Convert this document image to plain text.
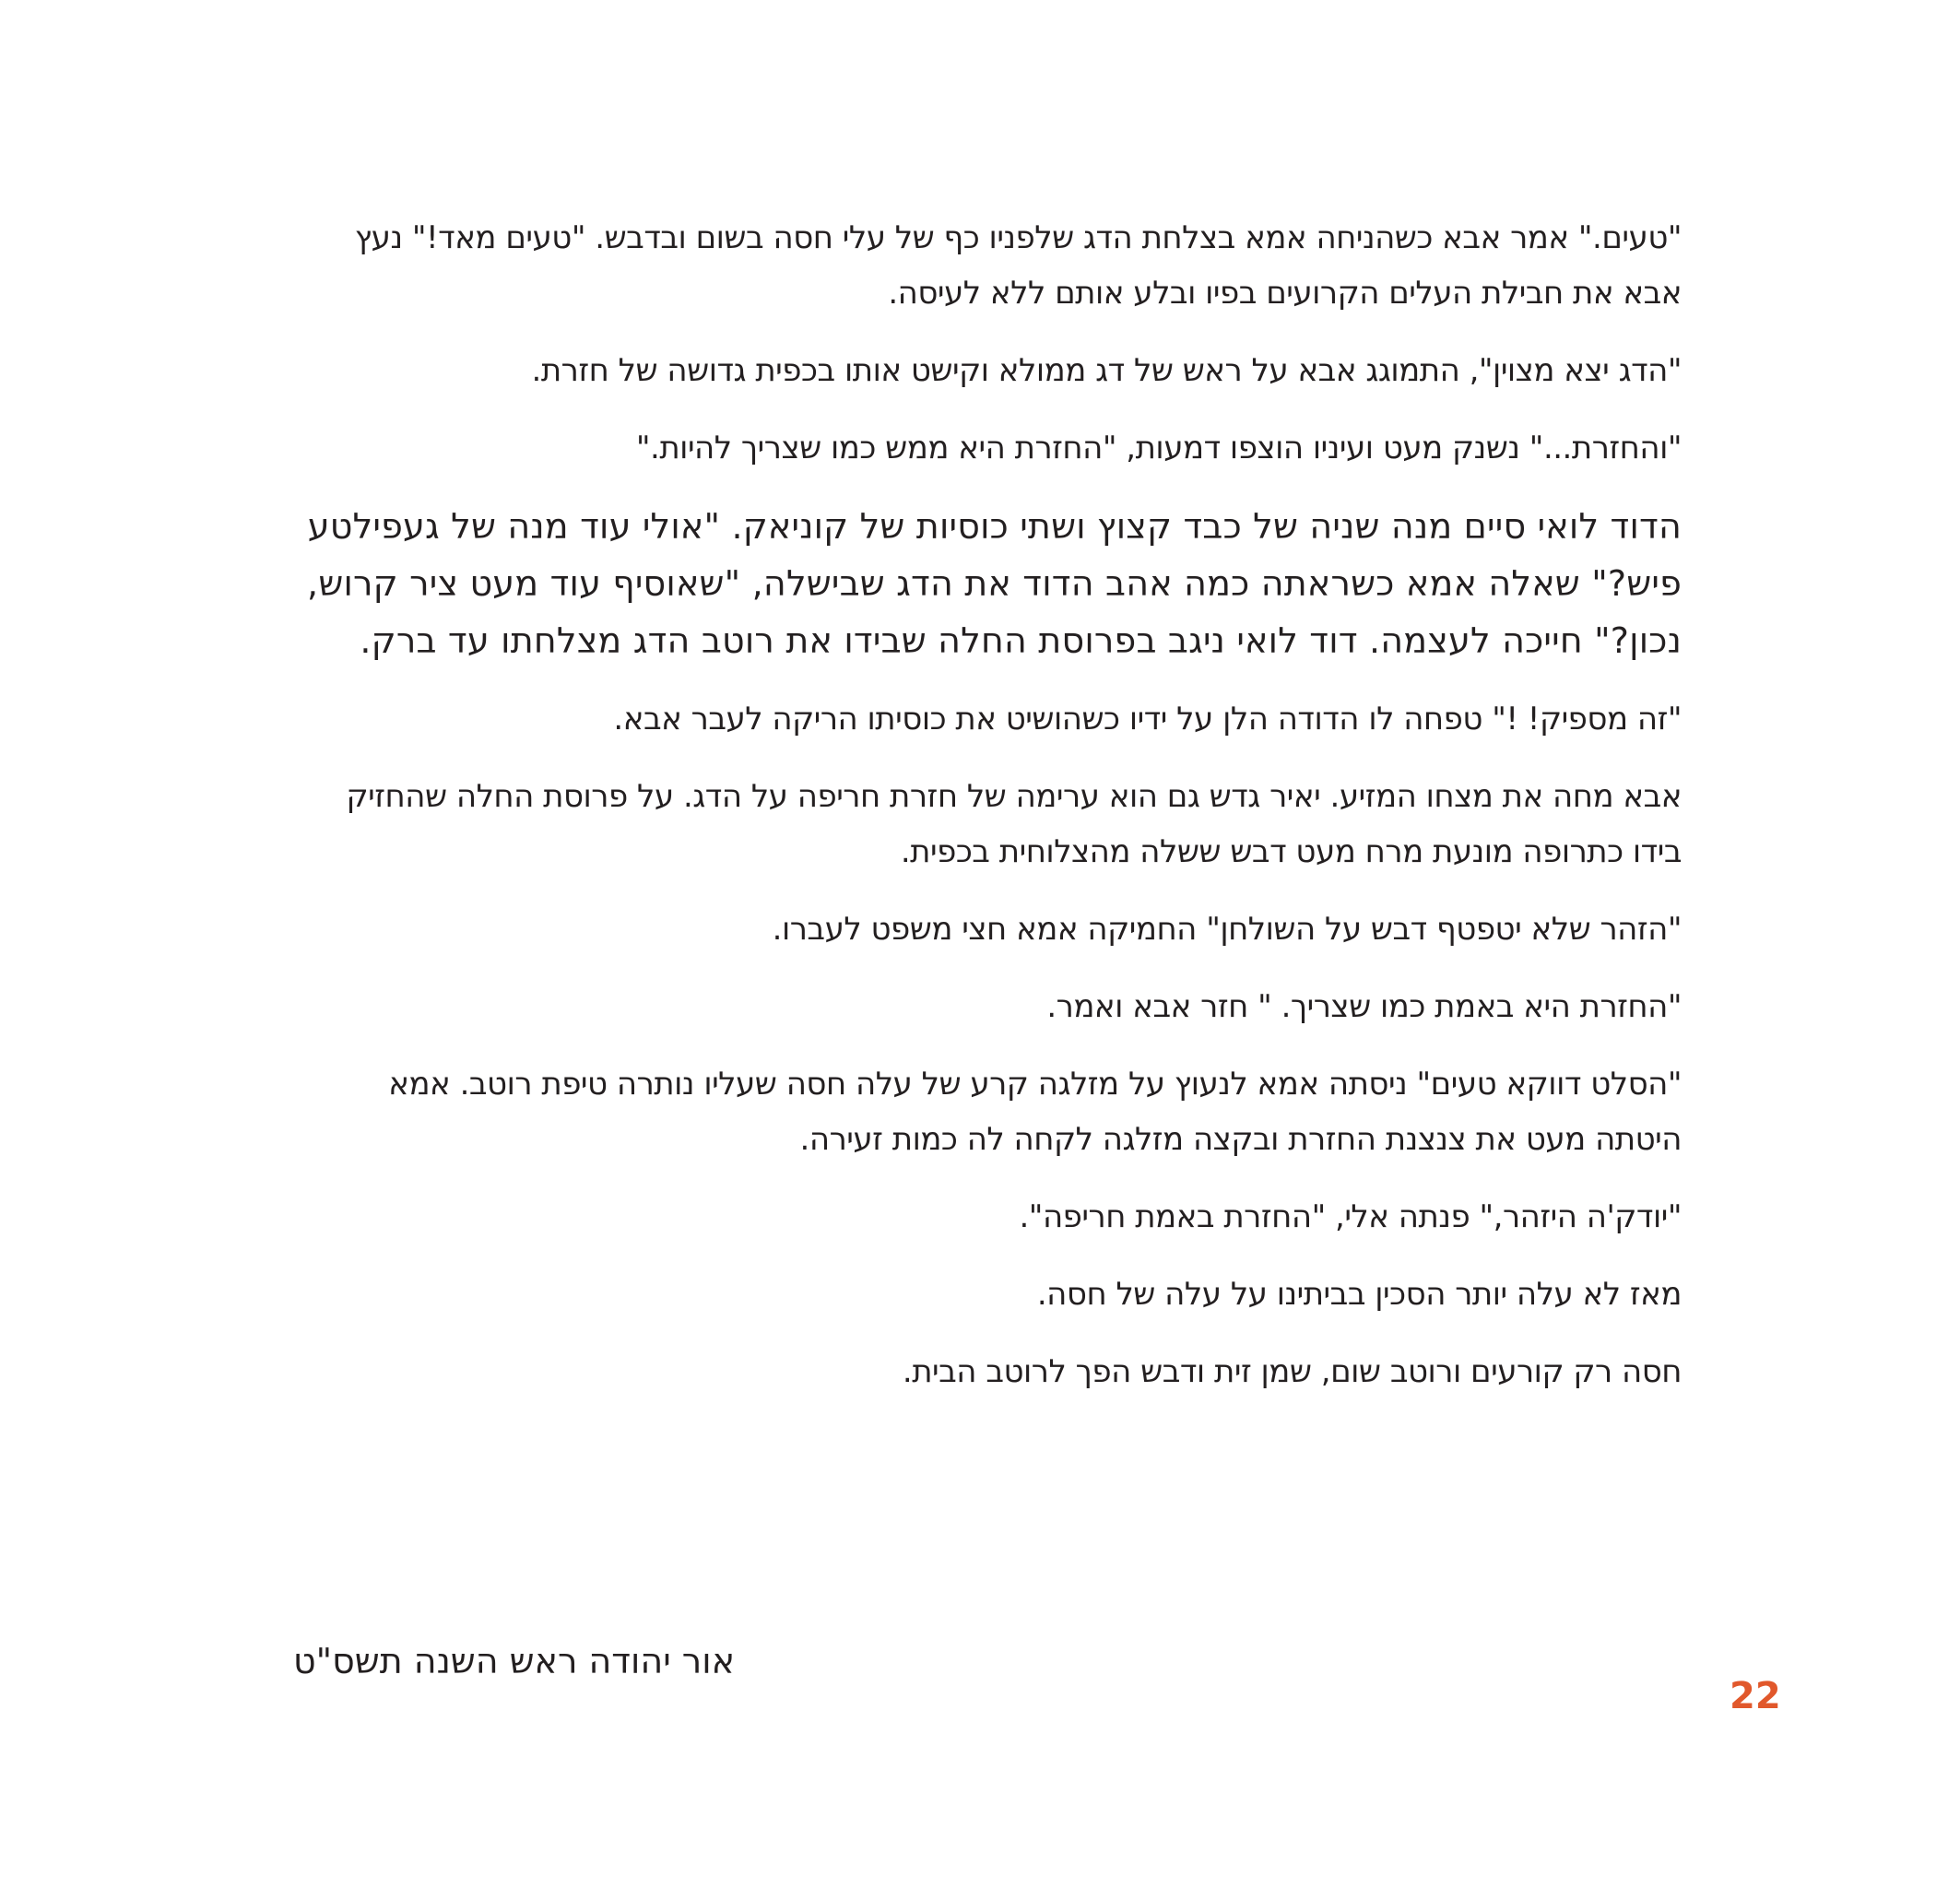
"טעים." אמר אבא כשהניחה אמא בצלחת הדג שלפניו כף של עלי חסה בשום ובדבש. "טעים מאד!" נעץ אבא את חבילת העלים הקרועים בפיו ובלע אותם ללא לעיסה.

"הדג יצא מצוין", התמוגג אבא על ראש של דג ממולא וקישט אותו בכפית גדושה של חזרת.

"והחזרת..." נשנק מעט ועיניו הוצפו דמעות, "החזרת היא ממש כמו שצריך להיות."

הדוד לואי סיים מנה שניה של כבד קצוץ ושתי כוסיות של קוניאק. "אולי עוד מנה של געפילטע פיש?" שאלה אמא כשראתה כמה אהב הדוד את הדג שבישלה, "שאוסיף עוד מעט ציר קרוש, נכון?" חייכה לעצמה. דוד לואי ניגב בפרוסת החלה שבידו את רוטב הדג מצלחתו עד ברק.

"זה מספיק! !" טפחה לו הדודה הלן על ידיו כשהושיט את כוסיתו הריקה לעבר אבא.

אבא מחה את מצחו המזיע. יאיר גדש גם הוא ערימה של חזרת חריפה על הדג. על פרוסת החלה שהחזיק בידו כתרופה מונעת מרח מעט דבש ששלה מהצלוחית בכפית.

"הזהר שלא יטפטף דבש על השולחן" החמיקה אמא חצי משפט לעברו.

"החזרת היא באמת כמו שצריך. " חזר אבא ואמר.

"הסלט דווקא טעים" ניסתה אמא לנעוץ על מזלגה קרע של עלה חסה שעליו נותרה טיפת רוטב. אמא היטתה מעט את צנצנת החזרת ובקצה מזלגה לקחה לה כמות זעירה.

"יודק'ה היזהר," פנתה אלי, "החזרת באמת חריפה".

מאז לא עלה יותר הסכין בביתינו על עלה של חסה.

חסה רק קורעים ורוטב שום, שמן זית ודבש הפך לרוטב הבית.

אור יהודה ראש השנה תשס"ט
22
